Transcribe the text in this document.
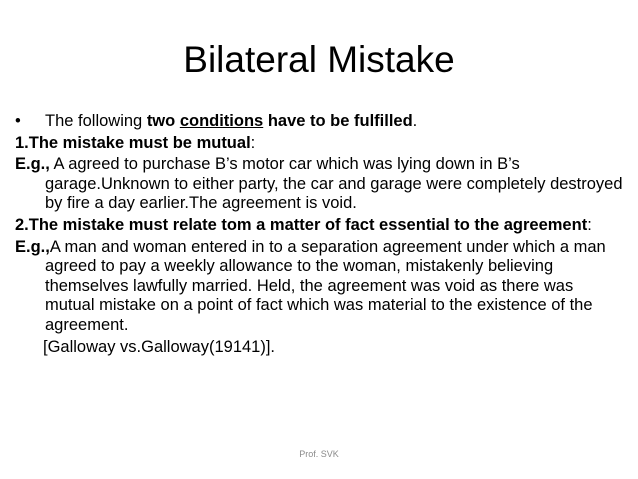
Bilateral Mistake
• The following two conditions have to be fulfilled.
1.The mistake must be mutual:
E.g., A agreed to purchase B’s motor car which was lying down in B’s garage.Unknown to either party, the car and garage were completely destroyed by fire a day earlier.The agreement is void.
2.The mistake must relate tom a matter of fact essential to the agreement:
E.g.,A man and woman entered in to a separation agreement under which a man agreed to pay a weekly allowance to the woman, mistakenly believing themselves lawfully married. Held, the agreement was void as there was mutual mistake on a point of fact which was material to the existence of the agreement.
[Galloway vs.Galloway(19141)].
Prof. SVK
